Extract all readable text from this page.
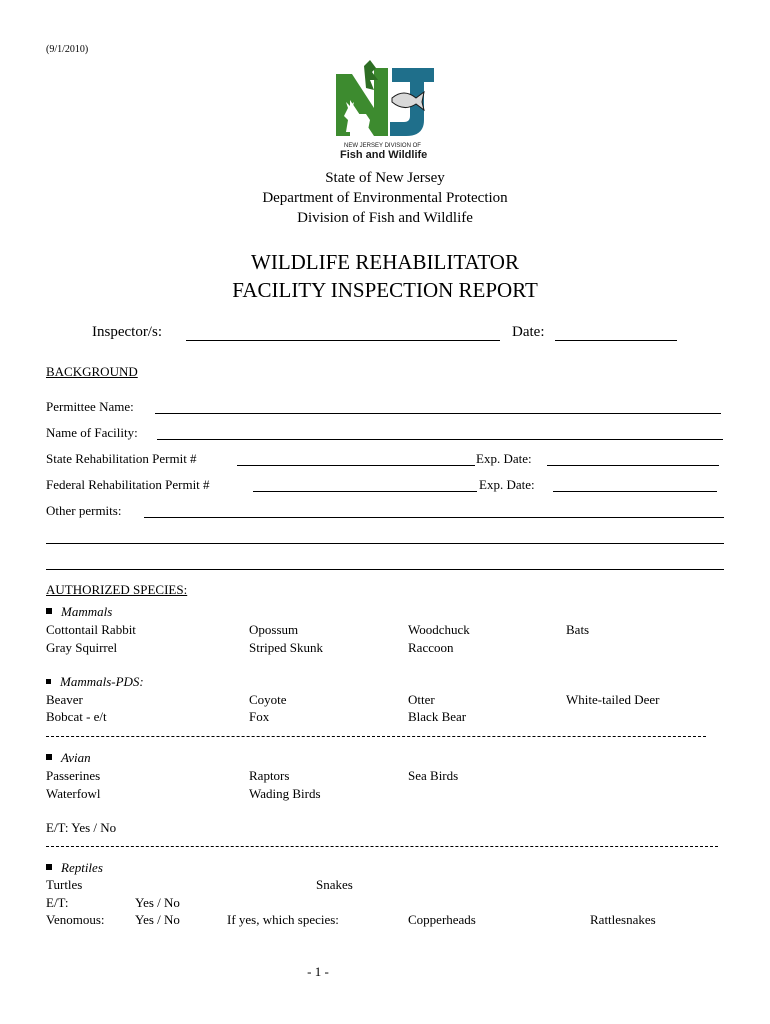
(9/1/2010)
NEW JERSEY DIVISION OF
Fish and Wildlife
State of New Jersey
Department of Environmental Protection
Division of Fish and Wildlife
WILDLIFE REHABILITATOR
FACILITY INSPECTION REPORT
Inspector/s:	Date:
BACKGROUND
Permittee Name:
Name of Facility:
State Rehabilitation Permit #	Exp. Date:
Federal Rehabilitation Permit #	Exp. Date:
Other permits:
AUTHORIZED SPECIES:
Mammals
Cottontail Rabbit	Opossum	Woodchuck	Bats
Gray Squirrel	Striped Skunk	Raccoon
Mammals-PDS:
Beaver	Coyote	Otter	White-tailed Deer
Bobcat - e/t	Fox	Black Bear
Avian
Passerines	Raptors	Sea Birds
Waterfowl	Wading Birds
E/T: Yes / No
Reptiles
Turtles	Snakes
E/T:	Yes / No
Venomous: Yes / No	If yes, which species:	Copperheads	Rattlesnakes
- 1 -
